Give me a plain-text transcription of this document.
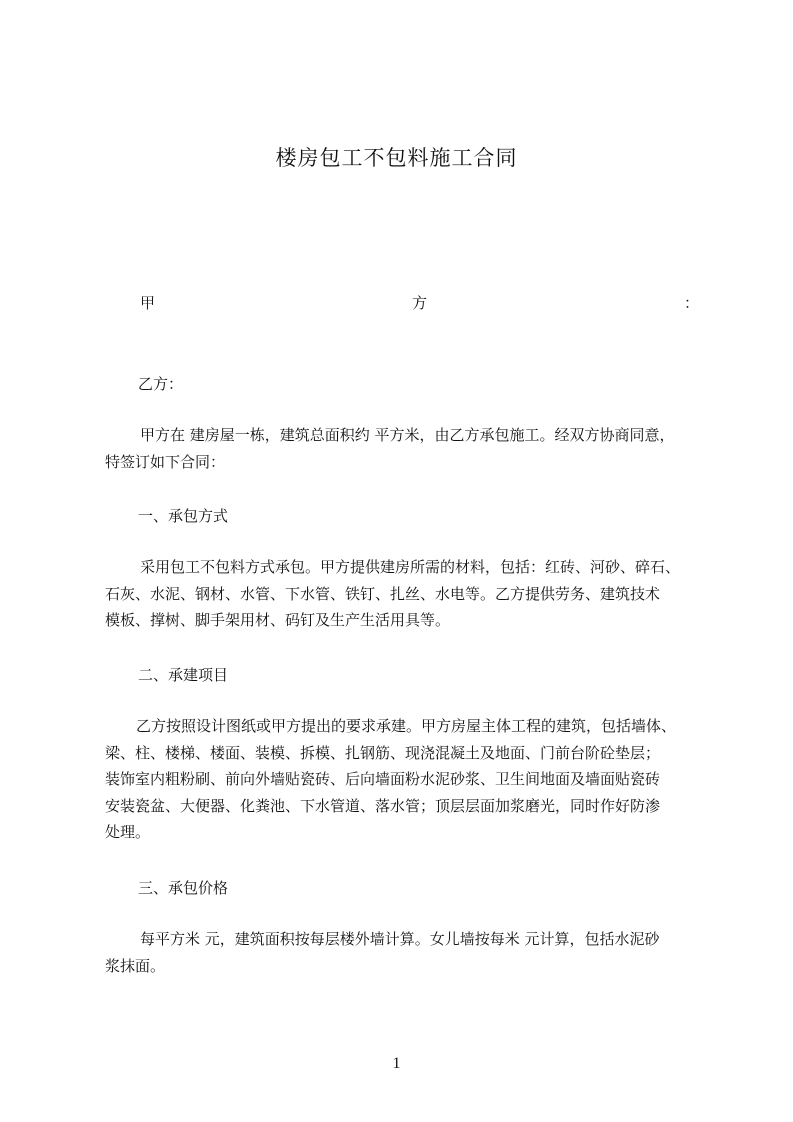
楼房包工不包料施工合同
甲	方	：
乙方：
甲方在 建房屋一栋，建筑总面积约 平方米，由乙方承包施工。经双方协商同意，
特签订如下合同：
一、承包方式
采用包工不包料方式承包。甲方提供建房所需的材料，包括：红砖、河砂、碎石、
石灰、水泥、钢材、水管、下水管、铁钉、扎丝、水电等。乙方提供劳务、建筑技术
模板、撑树、脚手架用材、码钉及生产生活用具等。
二、承建项目
乙方按照设计图纸或甲方提出的要求承建。甲方房屋主体工程的建筑，包括墙体、
梁、柱、楼梯、楼面、装模、拆模、扎钢筋、现浇混凝土及地面、门前台阶砼垫层；
装饰室内粗粉刷、前向外墙贴瓷砖、后向墙面粉水泥砂浆、卫生间地面及墙面贴瓷砖
安装瓷盆、大便器、化粪池、下水管道、落水管；顶层层面加浆磨光，同时作好防渗
处理。
三、承包价格
每平方米 元，建筑面积按每层楼外墙计算。女儿墙按每米 元计算，包括水泥砂
浆抹面。
1
